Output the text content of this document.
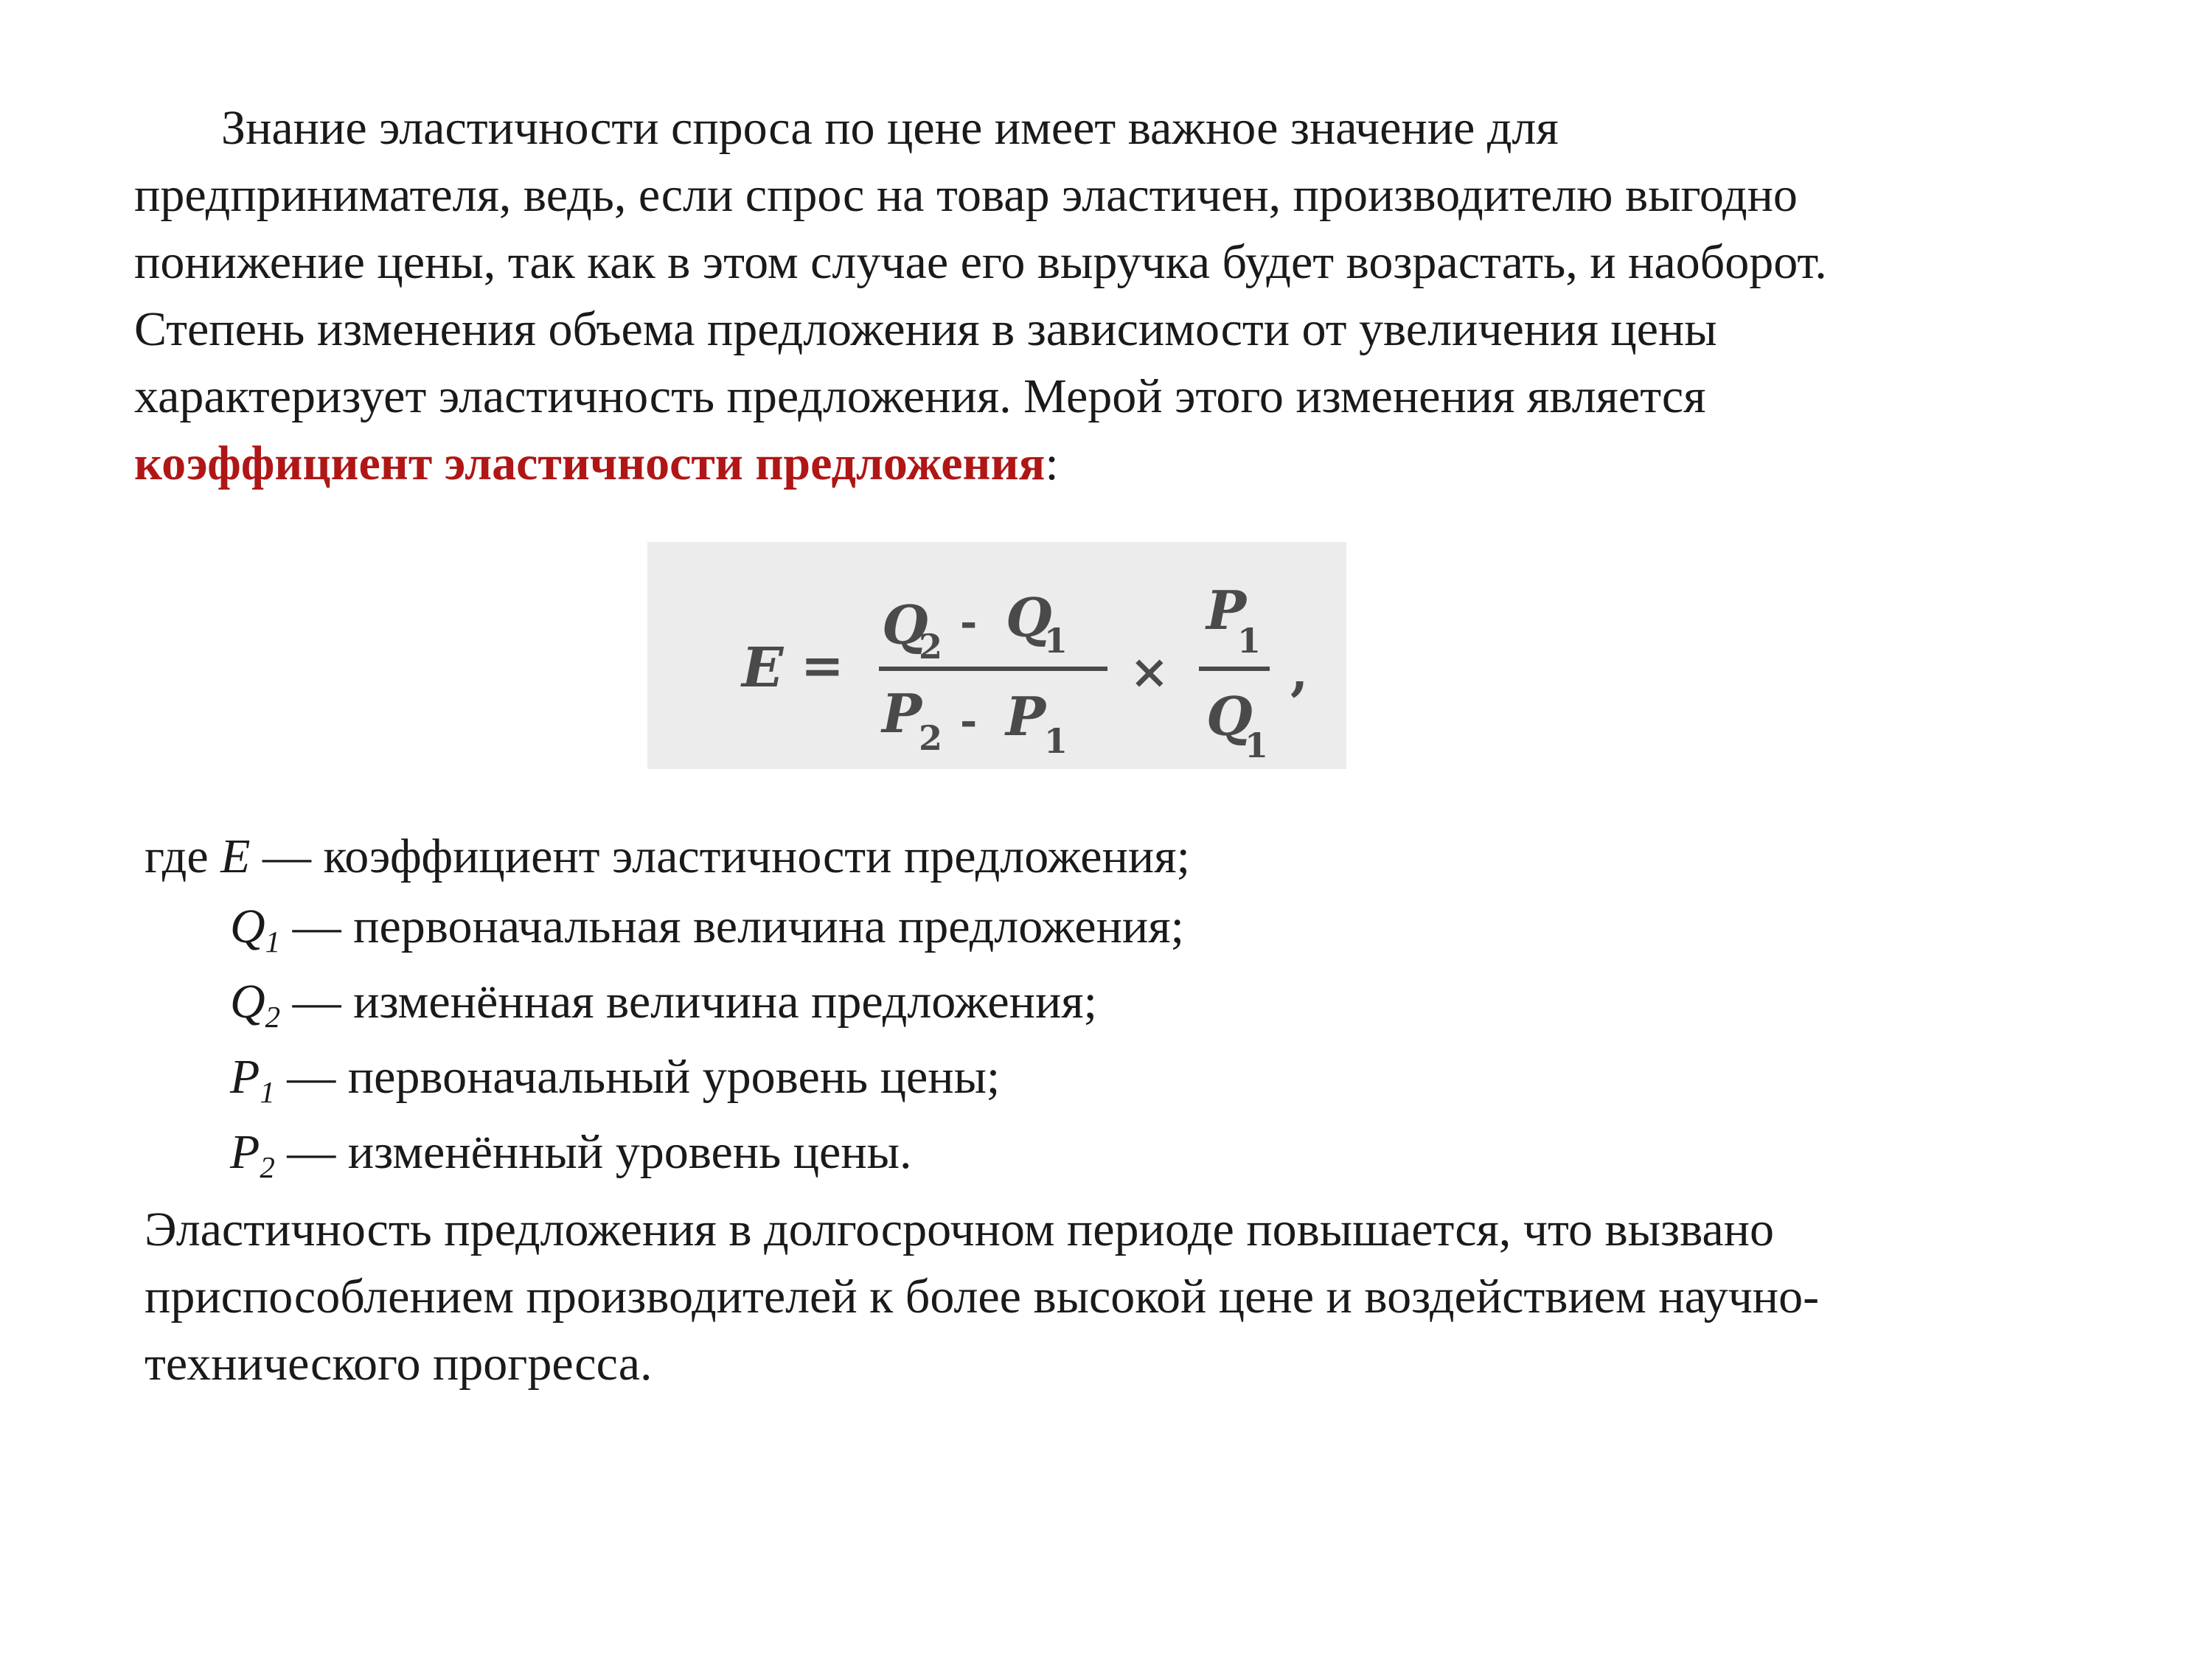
Знание эластичности спроса по цене имеет важное значение для
предпринимателя, ведь, если спрос на товар эластичен, производителю выгодно
понижение цены, так как в этом случае его выручка будет возрастать, и наоборот.
Степень изменения объема предложения в зависимости от увеличения цены
характеризует эластичность предложения. Мерой этого изменения является
коэффициент эластичности предложения:

E =
Q
2 - Q
1
P
2 - P
1
×
P
1
Q
1
,
где E — коэффициент эластичности предложения;
$Q_1$ — первоначальная величина предложения;
$Q_2$ — изменённая величина предложения;
$P_1$ — первоначальный уровень цены;
$P_2$ — изменённый уровень цены.

Эластичность предложения в долгосрочном периоде повышается, что вызвано
приспособлением производителей к более высокой цене и воздействием научно-
технического прогресса.
